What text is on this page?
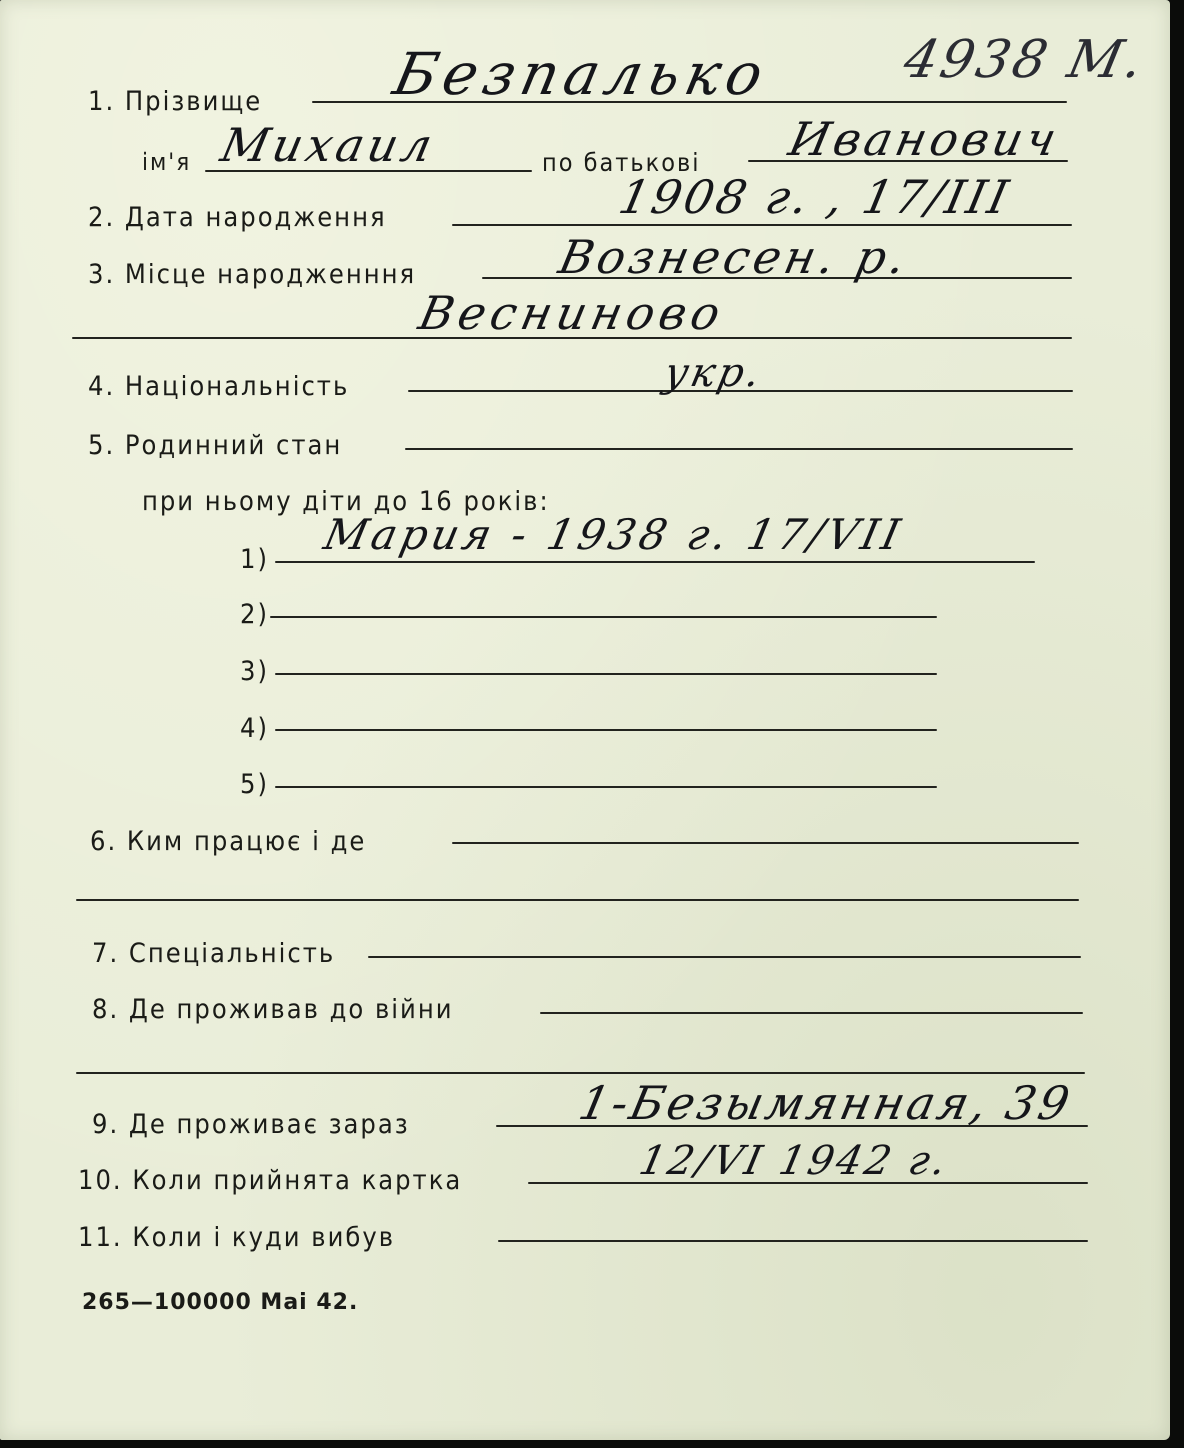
4938 М.
1. Прізвище Безпалько
ім'я Михаил	по батькові Иванович
2. Дата народження	1908 г. , 17/III
3. Місце народженння	Вознесен. р.
Весниново
4. Національність	укр.
5. Родинний стан
при ньому діти до 16 років:
1)
Мария - 1938 г. 17/VII
2)
3)
4)
5)
6. Ким працює і де
7. Спеціальність
8. Де проживав до війни
9. Де проживає зараз	1-Безымянная, 39
10. Коли прийнята картка	12/VI 1942 г.
11. Коли і куди вибув
265—100000 Mai 42.
